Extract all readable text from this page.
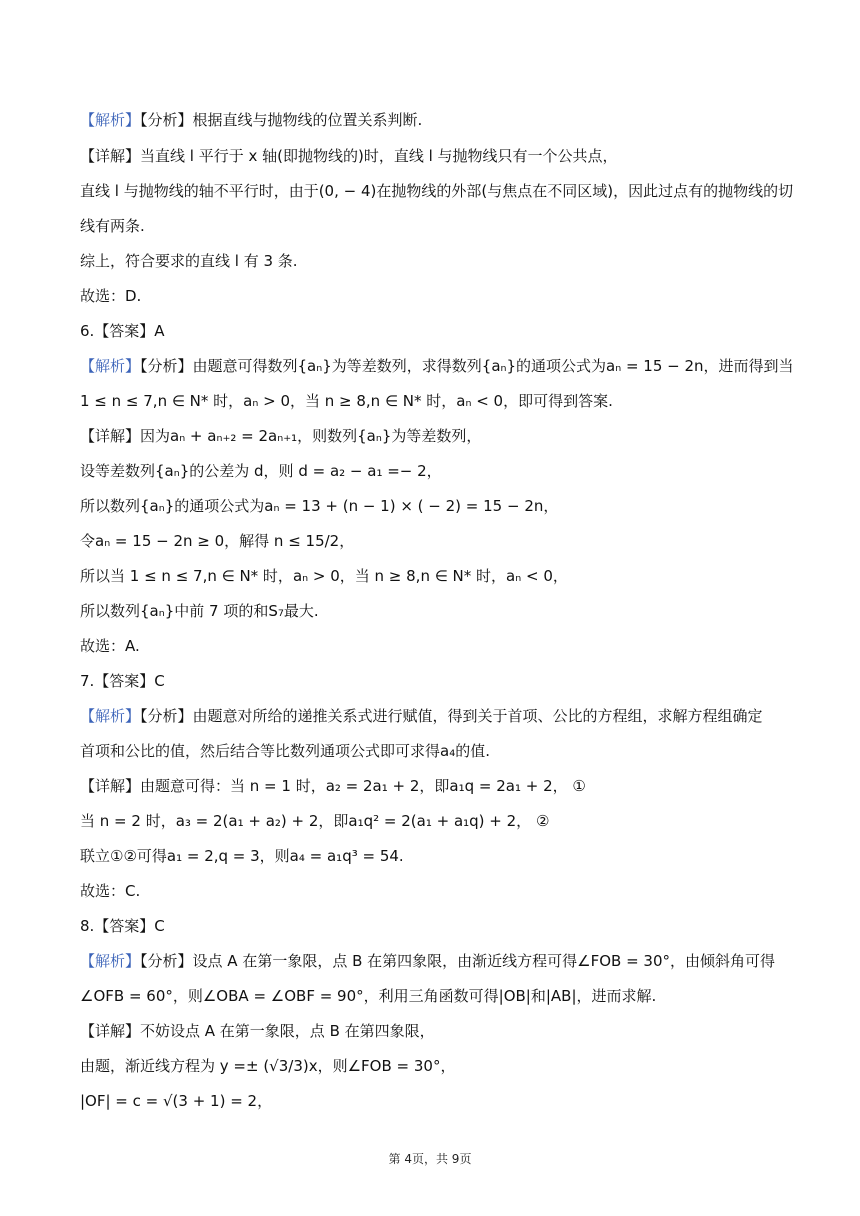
【解析】【分析】根据直线与抛物线的位置关系判断.
【详解】当直线 l 平行于 x 轴(即抛物线的)时，直线 l 与抛物线只有一个公共点，
直线 l 与抛物线的轴不平行时，由于(0, − 4)在抛物线的外部(与焦点在不同区域)，因此过点有的抛物线的切
线有两条.
综上，符合要求的直线 l 有 3 条.
故选：D.
6.【答案】A
【解析】【分析】由题意可得数列{aₙ}为等差数列，求得数列{aₙ}的通项公式为aₙ = 15 − 2n，进而得到当
1 ≤ n ≤ 7,n ∈ N* 时，aₙ > 0，当 n ≥ 8,n ∈ N* 时，aₙ < 0，即可得到答案.
【详解】因为aₙ + aₙ₊₂ = 2aₙ₊₁，则数列{aₙ}为等差数列，
设等差数列{aₙ}的公差为 d，则 d = a₂ − a₁ =− 2，
所以数列{aₙ}的通项公式为aₙ = 13 + (n − 1) × ( − 2) = 15 − 2n，
令aₙ = 15 − 2n ≥ 0，解得 n ≤ 15/2，
所以当 1 ≤ n ≤ 7,n ∈ N* 时，aₙ > 0，当 n ≥ 8,n ∈ N* 时，aₙ < 0，
所以数列{aₙ}中前 7 项的和S₇最大.
故选：A.
7.【答案】C
【解析】【分析】由题意对所给的递推关系式进行赋值，得到关于首项、公比的方程组，求解方程组确定
首项和公比的值，然后结合等比数列通项公式即可求得a₄的值.
【详解】由题意可得：当 n = 1 时，a₂ = 2a₁ + 2，即a₁q = 2a₁ + 2， ①
当 n = 2 时，a₃ = 2(a₁ + a₂) + 2，即a₁q² = 2(a₁ + a₁q) + 2， ②
联立①②可得a₁ = 2,q = 3，则a₄ = a₁q³ = 54.
故选：C.
8.【答案】C
【解析】【分析】设点 A 在第一象限，点 B 在第四象限，由渐近线方程可得∠FOB = 30°，由倾斜角可得
∠OFB = 60°，则∠OBA = ∠OBF = 90°，利用三角函数可得|OB|和|AB|，进而求解.
【详解】不妨设点 A 在第一象限，点 B 在第四象限，
由题，渐近线方程为 y =± (√3/3)x，则∠FOB = 30°，
|OF| = c = √(3 + 1) = 2，
第 4页，共 9页
